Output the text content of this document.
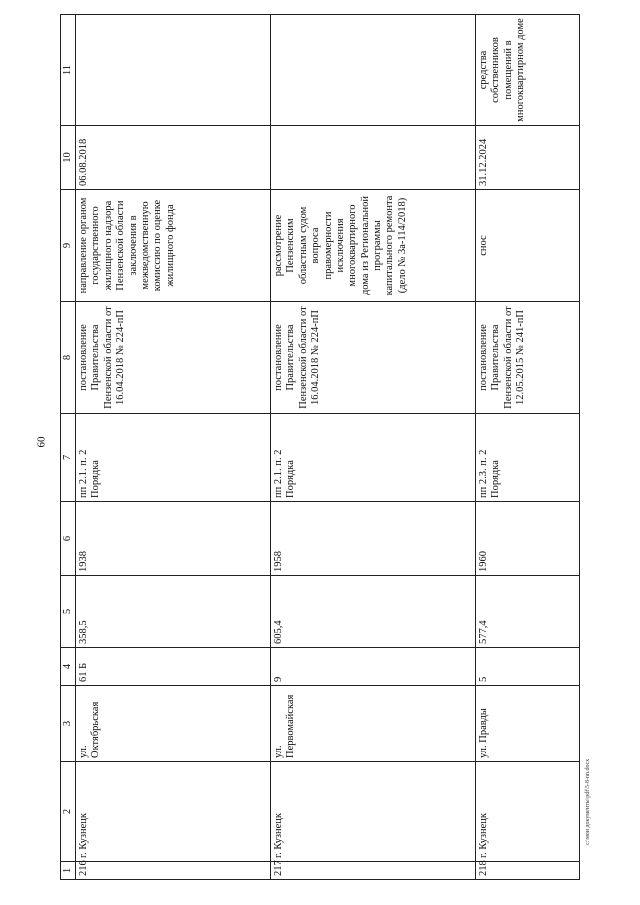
60
1	2	3	4	5	6	7	8	9	10	11
216	г. Кузнецк	ул. Октябрьская	61 Б	358,5	1938	пп 2.1. п. 2 Порядка	постановление Правительства Пензенской области от 16.04.2018 № 224-пП	направление органом государственного жилищного надзора Пензенской области заключения в межведомственную комиссию по оценке жилищного фонда	06.08.2018	
217	г. Кузнецк	ул. Первомайская	9	605,4	1958	пп 2.1. п. 2 Порядка	постановление Правительства Пензенской области от 16.04.2018 № 224-пП	рассмотрение Пензенским областным судом вопроса правомерности исключения многоквартирного дома из Региональной программы капитального ремонта (дело № 3а-114/2018)		
218	г. Кузнецк	ул. Правды	5	577,4	1960	пп 2.3. п. 2 Порядка	постановление Правительства Пензенской области от 12.05.2015 № 241-пП	снос	31.12.2024	средства собственников помещений в многоквартирном доме
c:\мои документы\pdf\5-8-nn.docx
